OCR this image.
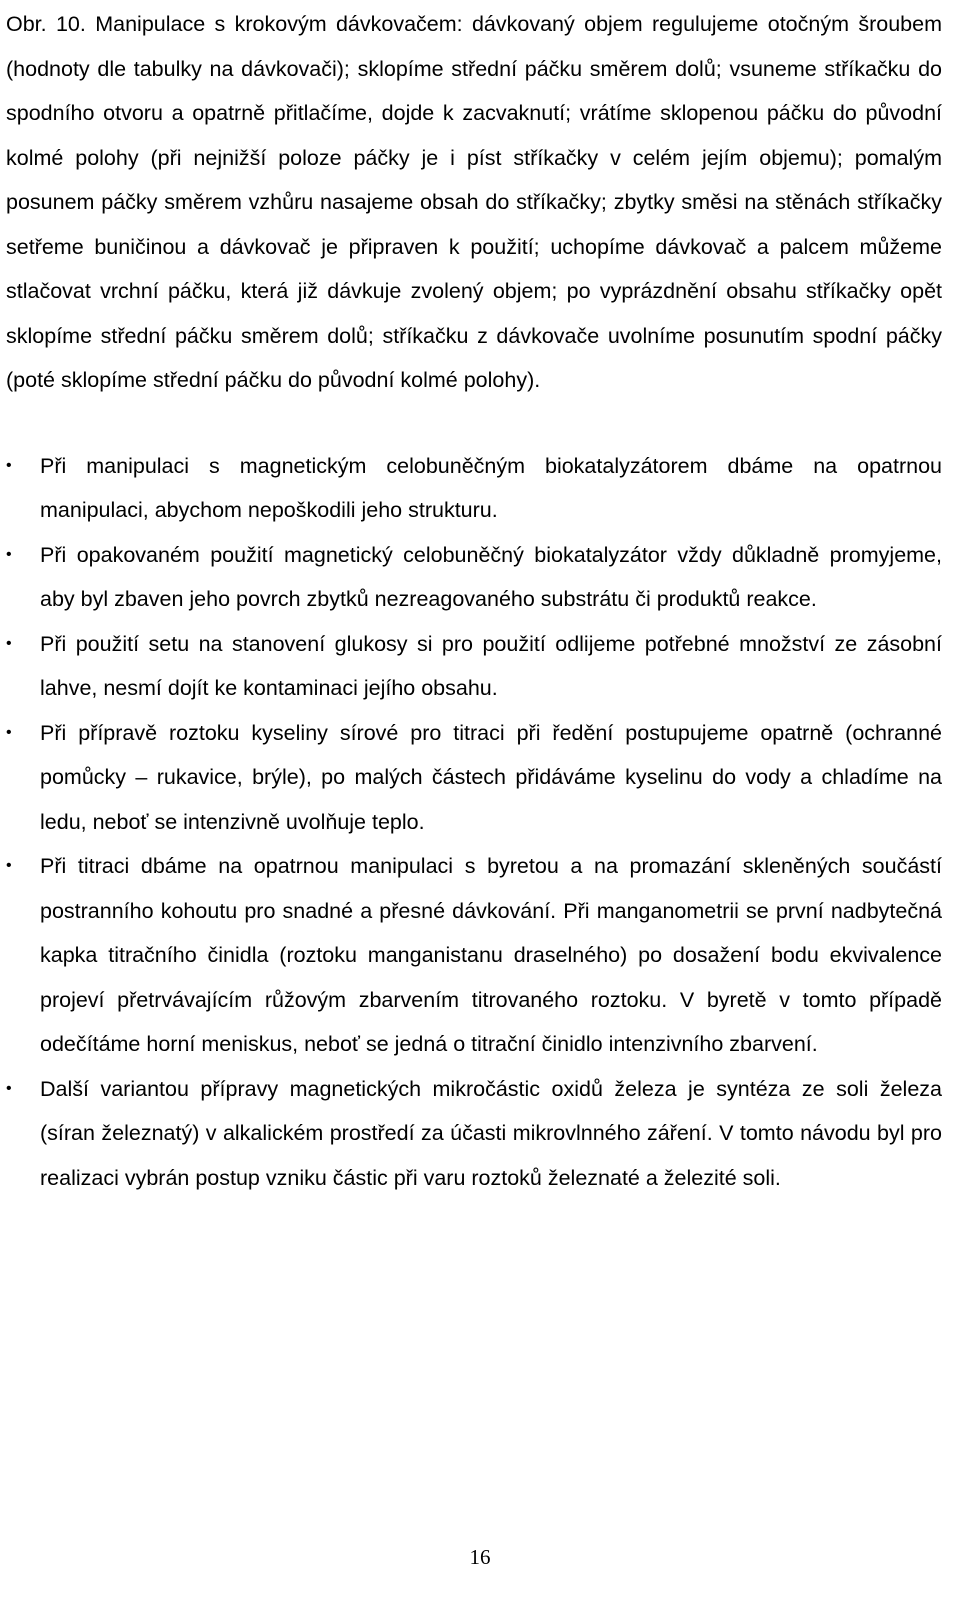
Obr. 10. Manipulace s krokovým dávkovačem: dávkovaný objem regulujeme otočným šroubem (hodnoty dle tabulky na dávkovači); sklopíme střední páčku směrem dolů; vsuneme stříkačku do spodního otvoru a opatrně přitlačíme, dojde k zacvaknutí; vrátíme sklopenou páčku do původní kolmé polohy (při nejnižší poloze páčky je i píst stříkačky v celém jejím objemu); pomalým posunem páčky směrem vzhůru nasajeme obsah do stříkačky; zbytky směsi na stěnách stříkačky setřeme buničinou a dávkovač je připraven k použití; uchopíme dávkovač a palcem můžeme stlačovat vrchní páčku, která již dávkuje zvolený objem; po vyprázdnění obsahu stříkačky opět sklopíme střední páčku směrem dolů; stříkačku z dávkovače uvolníme posunutím spodní páčky (poté sklopíme střední páčku do původní kolmé polohy).

• Při manipulaci s magnetickým celobuněčným biokatalyzátorem dbáme na opatrnou manipulaci, abychom nepoškodili jeho strukturu.
• Při opakovaném použití magnetický celobuněčný biokatalyzátor vždy důkladně promyjeme, aby byl zbaven jeho povrch zbytků nezreagovaného substrátu či produktů reakce.
• Při použití setu na stanovení glukosy si pro použití odlijeme potřebné množství ze zásobní lahve, nesmí dojít ke kontaminaci jejího obsahu.
• Při přípravě roztoku kyseliny sírové pro titraci při ředění postupujeme opatrně (ochranné pomůcky – rukavice, brýle), po malých částech přidáváme kyselinu do vody a chladíme na ledu, neboť se intenzivně uvolňuje teplo.
• Při titraci dbáme na opatrnou manipulaci s byretou a na promazání skleněných součástí postranního kohoutu pro snadné a přesné dávkování. Při manganometrii se první nadbytečná kapka titračního činidla (roztoku manganistanu draselného) po dosažení bodu ekvivalence projeví přetrvávajícím růžovým zbarvením titrovaného roztoku. V byretě v tomto případě odečítáme horní meniskus, neboť se jedná o titrační činidlo intenzivního zbarvení.
• Další variantou přípravy magnetických mikročástic oxidů železa je syntéza ze soli železa (síran železnatý) v alkalickém prostředí za účasti mikrovlnného záření. V tomto návodu byl pro realizaci vybrán postup vzniku částic při varu roztoků železnaté a železité soli.
16
